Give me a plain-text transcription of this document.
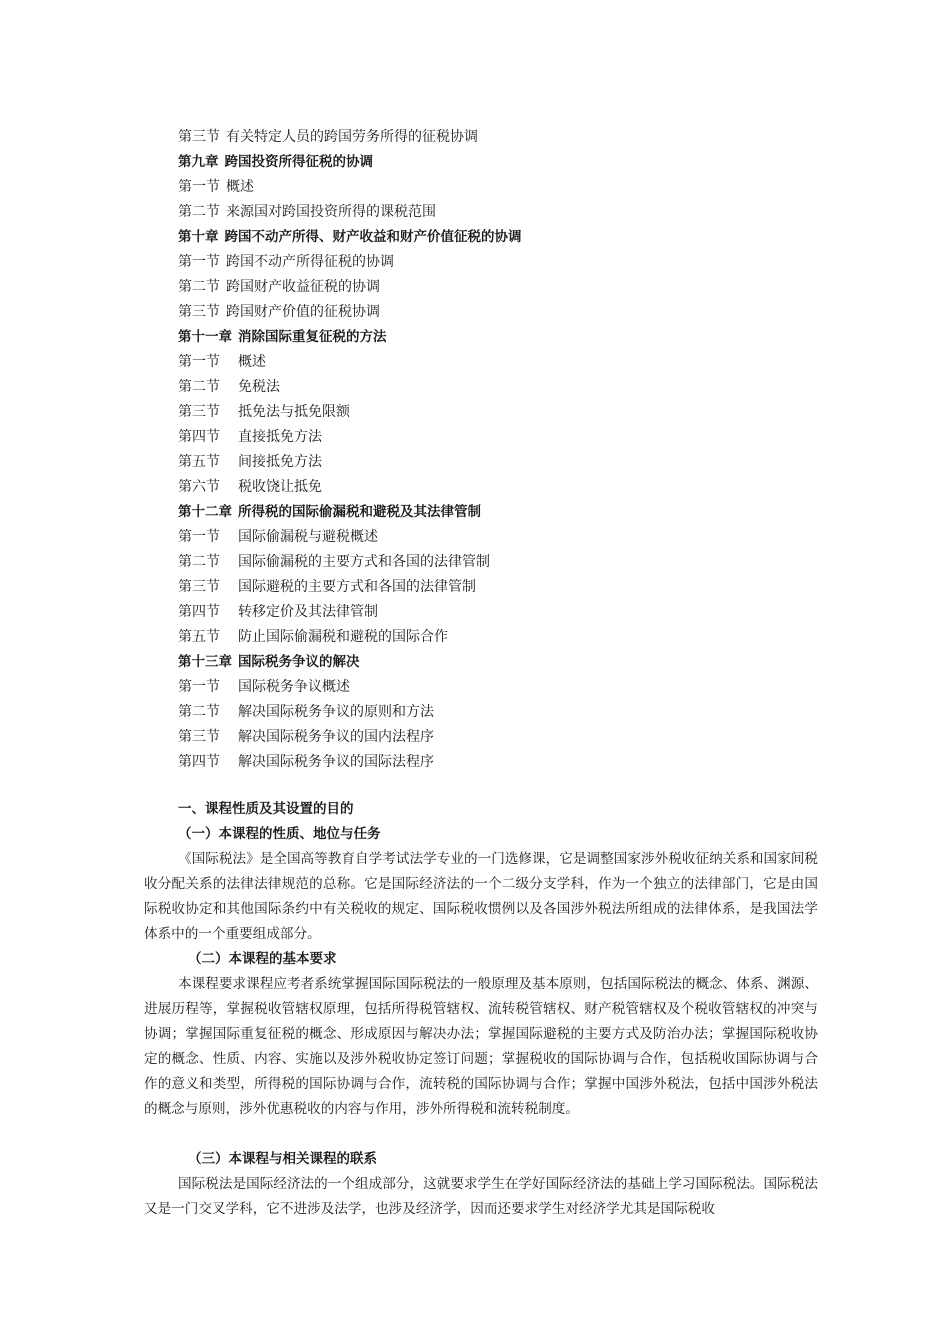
第三节 有关特定人员的跨国劳务所得的征税协调
第九章 跨国投资所得征税的协调
第一节 概述
第二节 来源国对跨国投资所得的课税范围
第十章 跨国不动产所得、财产收益和财产价值征税的协调
第一节 跨国不动产所得征税的协调
第二节 跨国财产收益征税的协调
第三节 跨国财产价值的征税协调
第十一章 消除国际重复征税的方法
第一节 概述
第二节 免税法
第三节 抵免法与抵免限额
第四节 直接抵免方法
第五节 间接抵免方法
第六节 税收饶让抵免
第十二章 所得税的国际偷漏税和避税及其法律管制
第一节 国际偷漏税与避税概述
第二节 国际偷漏税的主要方式和各国的法律管制
第三节 国际避税的主要方式和各国的法律管制
第四节 转移定价及其法律管制
第五节 防止国际偷漏税和避税的国际合作
第十三章 国际税务争议的解决
第一节 国际税务争议概述
第二节 解决国际税务争议的原则和方法
第三节 解决国际税务争议的国内法程序
第四节 解决国际税务争议的国际法程序
一、课程性质及其设置的目的
（一）本课程的性质、地位与任务

《国际税法》是全国高等教育自学考试法学专业的一门选修课，它是调整国家涉外税收征纳关系和国家间税收分配关系的法律法律规范的总称。它是国际经济法的一个二级分支学科，作为一个独立的法律部门，它是由国际税收协定和其他国际条约中有关税收的规定、国际税收惯例以及各国涉外税法所组成的法律体系，是我国法学体系中的一个重要组成部分。

（二）本课程的基本要求

本课程要求课程应考者系统掌握国际国际税法的一般原理及基本原则，包括国际税法的概念、体系、渊源、进展历程等，掌握税收管辖权原理，包括所得税管辖权、流转税管辖权、财产税管辖权及个税收管辖权的冲突与协调；掌握国际重复征税的概念、形成原因与解决办法；掌握国际避税的主要方式及防治办法；掌握国际税收协定的概念、性质、内容、实施以及涉外税收协定签订问题；掌握税收的国际协调与合作，包括税收国际协调与合作的意义和类型，所得税的国际协调与合作，流转税的国际协调与合作；掌握中国涉外税法，包括中国涉外税法的概念与原则，涉外优惠税收的内容与作用，涉外所得税和流转税制度。

（三）本课程与相关课程的联系

国际税法是国际经济法的一个组成部分，这就要求学生在学好国际经济法的基础上学习国际税法。国际税法又是一门交叉学科，它不进涉及法学，也涉及经济学，因而还要求学生对经济学尤其是国际税收
